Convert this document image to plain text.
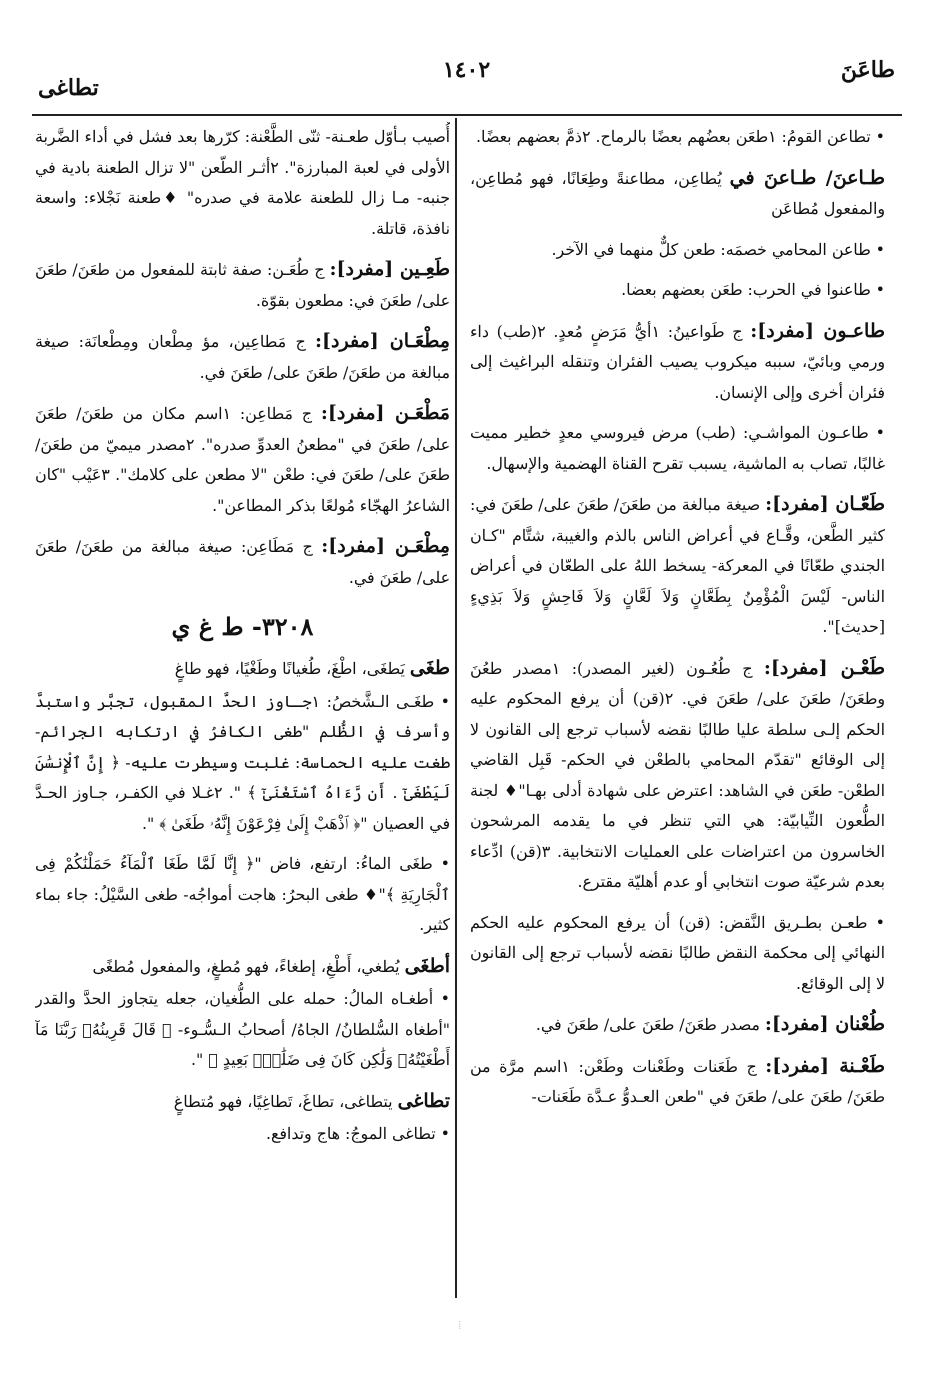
طاعَنَ
١٤٠٢
تطاغى

• تطاعن القومُ: ١طعَن بعضُهم بعضًا بالرماح. ٢ذمَّ بعضهم بعضًا.

طـاعنَ/ طـاعنَ في يُطاعِن، مطاعنةً وطِعَانًا، فهو مُطاعِن، والمفعول مُطاعَن

• طاعن المحامي خصمَه: طعن كلٌّ منهما في الآخر.

• طاعنوا في الحرب: طعَن بعضهم بعضا.

طاعـون [مفرد]: ج طَواعينُ: ١أيُّ مَرَضٍ مُعدٍ. ٢(طب) داء ورمي وبائيّ، سببه ميكروب يصيب الفئران وتنقله البراغيث إلى فئران أخرى وإلى الإنسان.

• طاعـون المواشـي: (طب) مرض فيروسي معدٍ خطير مميت غالبًا، تصاب به الماشية، يسبب تقرح القناة الهضمية والإسهال.

طَعّـان [مفرد]: صيغة مبالغة من طعَنَ/ طعَنَ على/ طعَنَ في: كثير الطَّعن، وقَّـاع في أعراض الناس بالذم والغيبة، شتَّام "كـان الجندي طعّانًا في المعركة- يسخط اللهُ على الطعّان في أعراض الناس- لَيْسَ الْمُؤْمِنُ بِطَعَّانٍ وَلاَ لَعَّانٍ وَلاَ فَاحِشٍ وَلاَ بَذِيءٍ [حديث]".

طَعْـن [مفرد]: ج طُعُـون (لغير المصدر): ١مصدر طعُنَ وطعَنَ/ طعَنَ على/ طعَنَ في. ٢(قن) أن يرفع المحكوم عليه الحكم إلـى سلطة عليا طالبًا نقضه لأسباب ترجع إلى القانون لا إلى الوقائع "تقدّم المحامي بالطعْن في الحكم- قَبِل القاضي الطعْن- طعَن في الشاهد: اعترض على شهادة أدلى بهـا"♦ لجنة الطُّعون النِّيابيّة: هي التي تنظر في ما يقدمه المرشحون الخاسرون من اعتراضات على العمليات الانتخابية. ٣(قن) ادِّعاء بعدم شرعيّة صوت انتخابي أو عدم أهليّة مقترع.

• طعـن بطـريق النَّقض: (قن) أن يرفع المحكوم عليه الحكم النهائي إلى محكمة النقض طالبًا نقضه لأسباب ترجع إلى القانون لا إلى الوقائع.

طُعْنان [مفرد]: مصدر طعَنَ/ طعَنَ على/ طعَنَ في.

طَعْـنة [مفرد]: ج طَعَنات وطَعْنات وطَعْن: ١اسم مرَّة من طعَنَ/ طعَنَ على/ طعَنَ في "طعن العـدوُّ عـدَّة طَعَنات-

أُصيب بـأوّل طعـنة- ثنّى الطَّعْنة: كرّرها بعد فشل في أداء الضَّربة الأولى في لعبة المبارزة". ٢أثـر الطّعن "لا تزال الطعنة بادية في جنبه- مـا زال للطعنة علامة في صدره" ♦طعنة نَجْلاء: واسعة نافذة، قاتلة.

طَعِـين [مفرد]: ج طُعَـن: صفة ثابتة للمفعول من طعَنَ/ طعَنَ على/ طعَنَ في: مطعون بقوّة.

مِطْعَـان [مفرد]: ج مَطاعِين، مؤ مِطْعان ومِطْعانَة: صيغة مبالغة من طعَنَ/ طعَنَ على/ طعَنَ في.

مَطْعَـن [مفرد]: ج مَطاعِن: ١اسم مكان من طعَنَ/ طعَنَ على/ طعَنَ في "مطعنُ العدوِّ صدره". ٢مصدر ميميّ من طعَنَ/ طعَنَ على/ طعَنَ في: طعْن "لا مطعن على كلامك". ٣عَيْب "كان الشاعرُ الهجّاء مُولعًا بذكر المطاعن".

مِطْعَـن [مفرد]: ج مَطَاعِن: صيغة مبالغة من طعَنَ/ طعَنَ على/ طعَنَ في.

٣٢٠٨- ط غ ي

طغَى يَطغَى، اطْغَ، طُغيانًا وطَغْيًا، فهو طاغٍ

• طغَـى الـشَّخصُ: ١جـاوز الحدَّ المقبول، تجبَّر واستبدَّ وأسرف في الظُّلم "طغى الكافرُ في ارتكابه الجرائم- طغت عليه الحماسة: غلبت وسيطرت عليه- ﴿ إِنَّ ٱلْإِنسَٰنَ لَيَطْغَىٰٓ . أَن رَّءَاهُ ٱسْتَغْنَىٰٓ ﴾ ". ٢غـلا في الكفـر، جـاوز الحـدَّ في العصيان "﴿ ٱذْهَبْ إِلَىٰ فِرْعَوْنَ إِنَّهُۥ طَغَىٰ ﴾ ".

• طغَى الماءُ: ارتفع، فاض "﴿ إِنَّا لَمَّا طَغَا ٱلْمَآءُ حَمَلْنَٰكُمْ فِى ٱلْجَارِيَةِ ﴾"♦ طغى البحرُ: هاجت أمواجُه- طغى السَّيْلُ: جاء بماء كثير.

أطغَى يُطغي، أَطْغِ، إطغاءً، فهو مُطغٍ، والمفعول مُطغًى

• أطغـاه المالُ: حمله على الطُّغيان، جعله يتجاوز الحدَّ والقدر "أطغاه السُّلطانُ/ الجاهُ/ أصحابُ الـسُّـوء- ﴿ قَالَ قَرِينُهُۥ رَبَّنَا مَآ أَطْغَيْتُهُۥ وَلَٰكِن كَانَ فِى ضَلَٰلٍۭ بَعِيدٍ ﴾ ".

تطاغى يتطاغى، تطاغَ، تَطاغِيًا، فهو مُتطاغٍ

• تطاغى الموجُ: هاج وتدافع.

⁞
